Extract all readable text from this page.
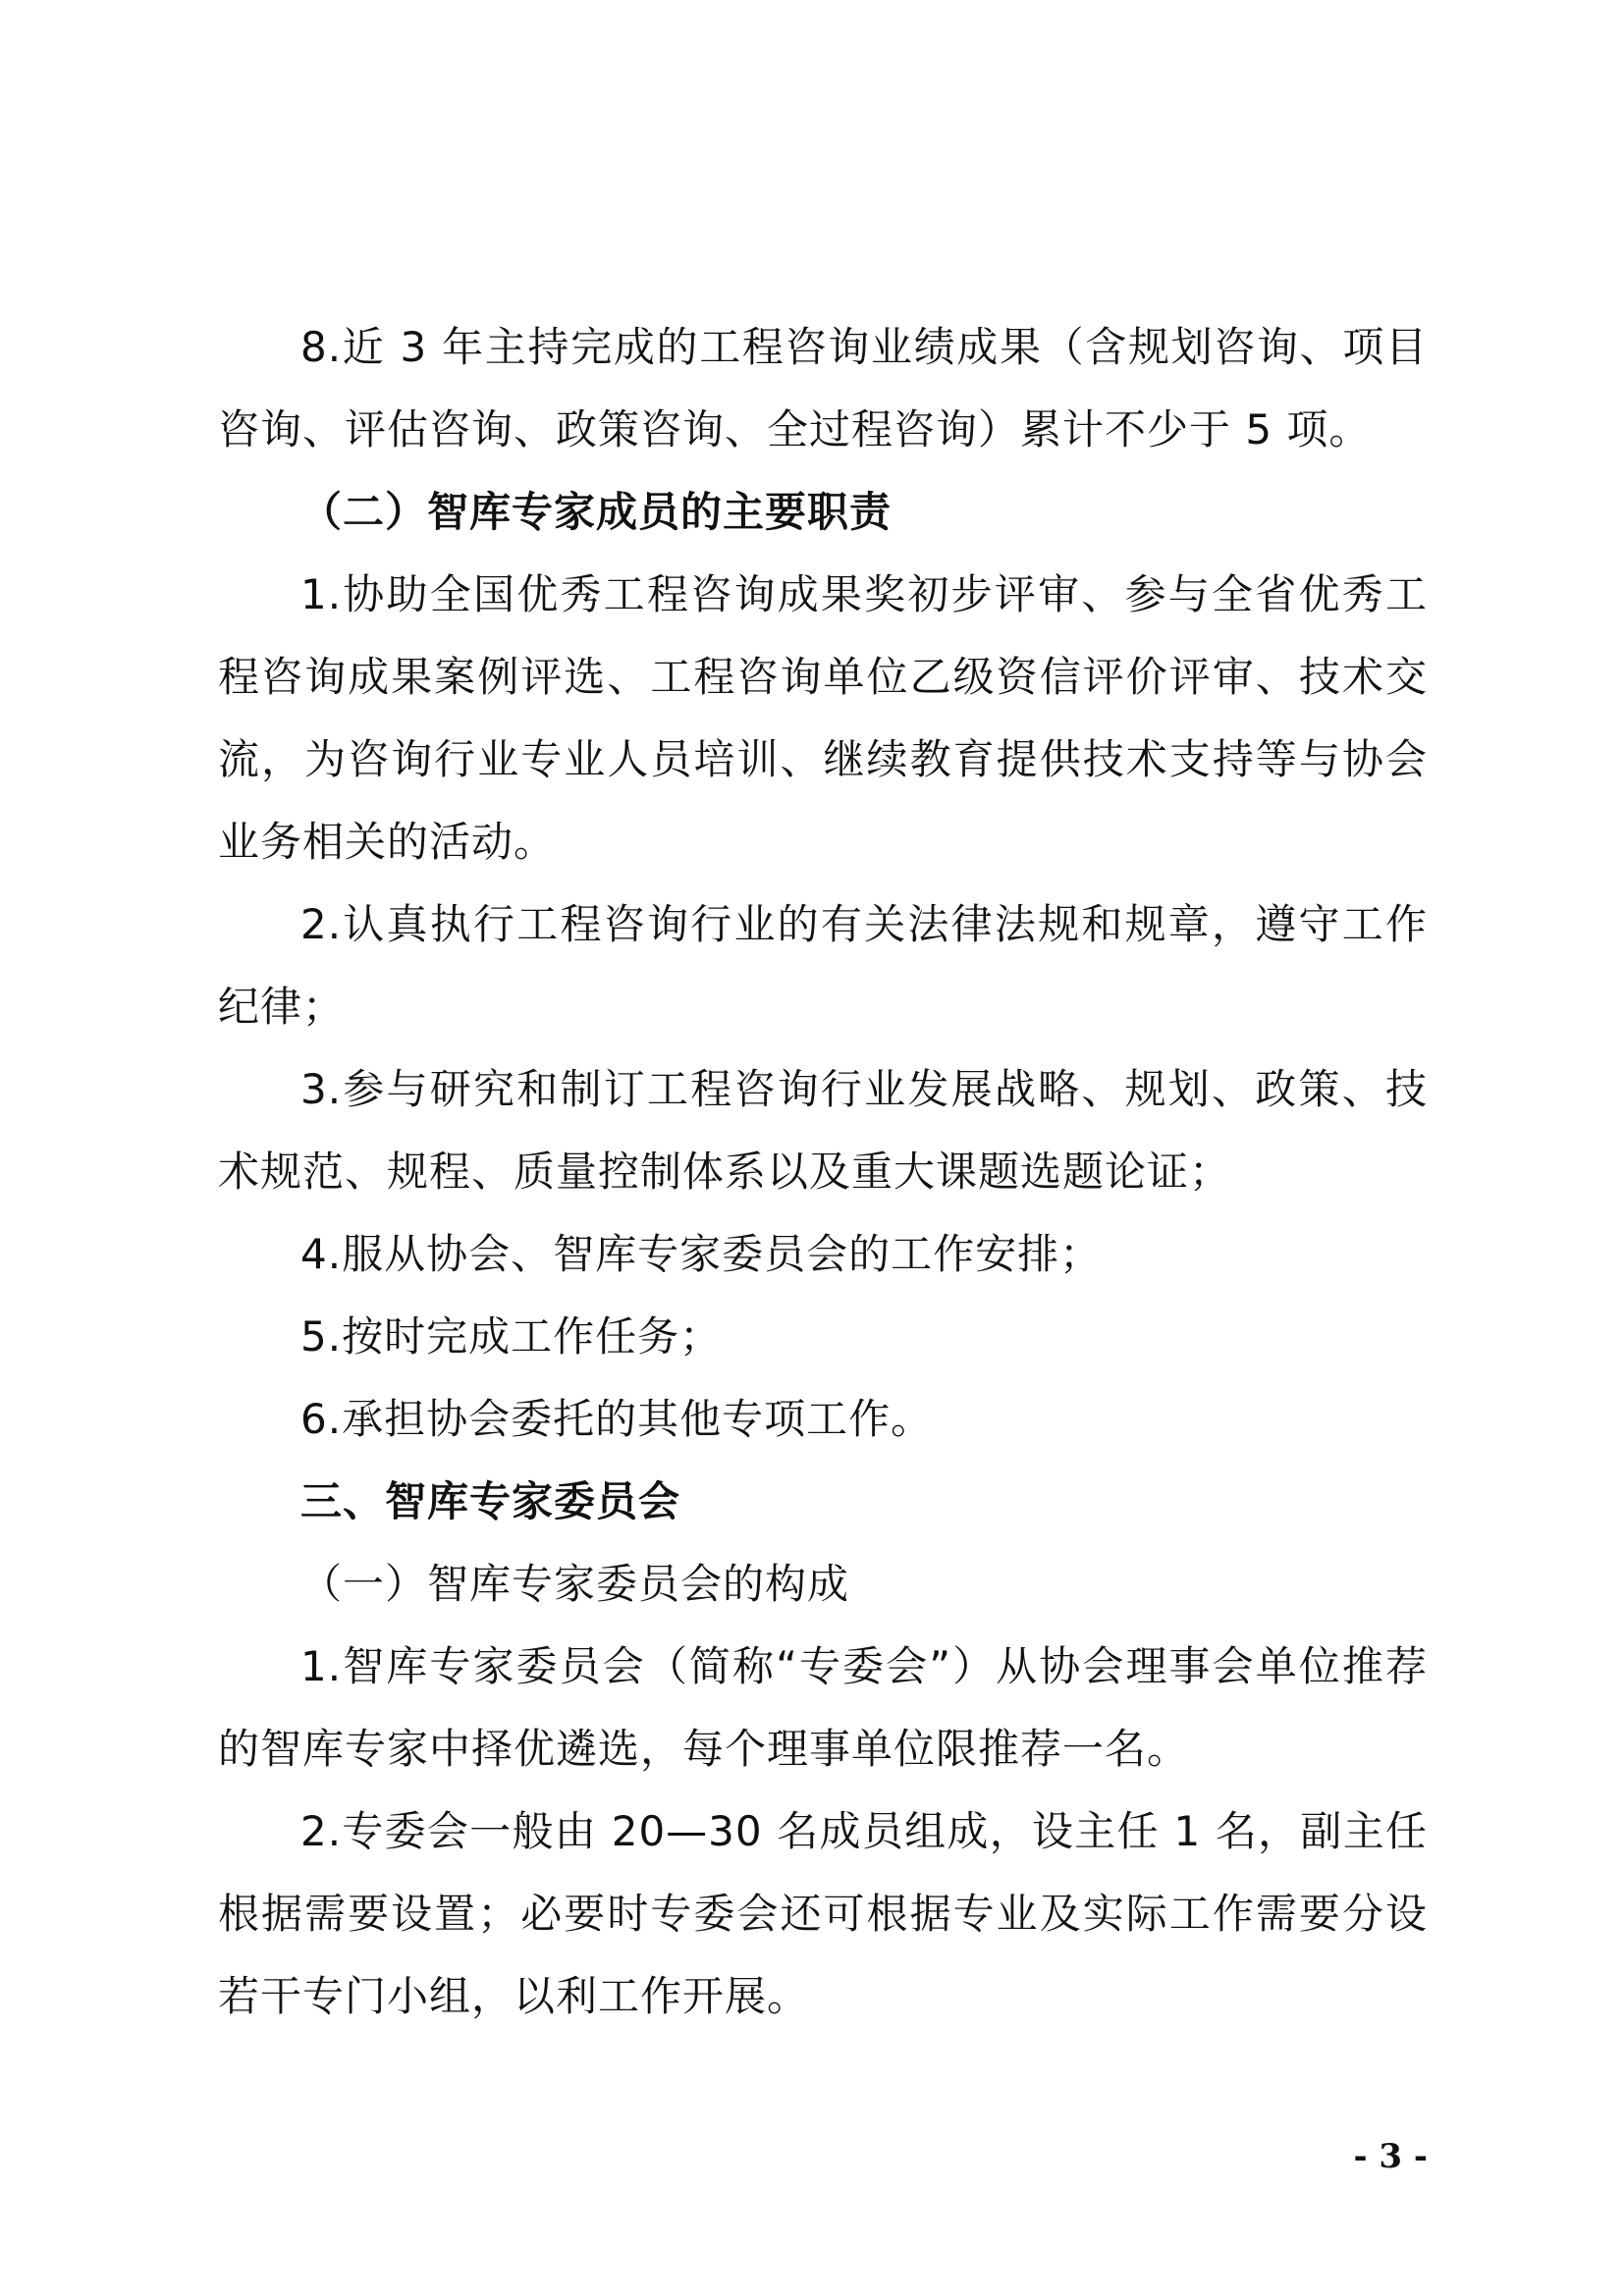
8.近 3 年主持完成的工程咨询业绩成果（含规划咨询、项目咨询、评估咨询、政策咨询、全过程咨询）累计不少于 5 项。

（二）智库专家成员的主要职责

1.协助全国优秀工程咨询成果奖初步评审、参与全省优秀工程咨询成果案例评选、工程咨询单位乙级资信评价评审、技术交流，为咨询行业专业人员培训、继续教育提供技术支持等与协会业务相关的活动。

2.认真执行工程咨询行业的有关法律法规和规章，遵守工作纪律；

3.参与研究和制订工程咨询行业发展战略、规划、政策、技术规范、规程、质量控制体系以及重大课题选题论证；

4.服从协会、智库专家委员会的工作安排；

5.按时完成工作任务；

6.承担协会委托的其他专项工作。

三、智库专家委员会

（一）智库专家委员会的构成

1.智库专家委员会（简称“专委会”）从协会理事会单位推荐的智库专家中择优遴选，每个理事单位限推荐一名。

2.专委会一般由 20—30 名成员组成，设主任 1 名，副主任根据需要设置；必要时专委会还可根据专业及实际工作需要分设若干专门小组，以利工作开展。

- 3 -
